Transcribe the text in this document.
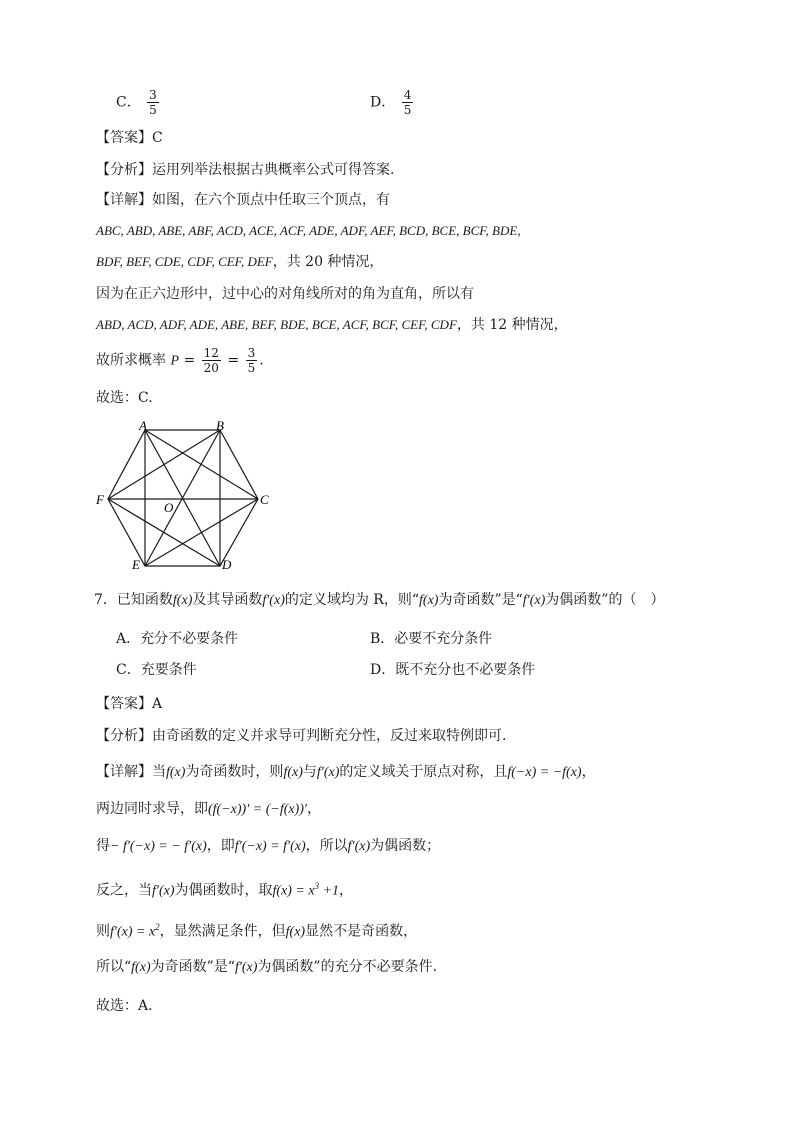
C． $\frac{3}{5}$	D． $\frac{4}{5}$
【答案】C
【分析】运用列举法根据古典概率公式可得答案.
【详解】如图，在六个顶点中任取三个顶点，有
ABC, ABD, ABE, ABF, ACD, ACE, ACF, ADE, ADF, AEF, BCD, BCE, BCF, BDE,
BDF, BEF, CDE, CDF, CEF, DEF，共 20 种情况，
因为在正六边形中，过中心的对角线所对的角为直角，所以有
ABD, ACD, ADF, ADE, ABE, BEF, BDE, BCE, ACF, BCF, CEF, CDF，共 12 种情况，
故所求概率 $P = \frac{12}{20} = \frac{3}{5}$ .
故选：C.
A	B
C
D
E
F
O
7．已知函数f(x)及其导函数f′(x)的定义域均为 R，则“f(x)为奇函数”是“f′(x)为偶函数”的（　）
A．充分不必要条件	B．必要不充分条件
C．充要条件	D．既不充分也不必要条件
【答案】A
【分析】由奇函数的定义并求导可判断充分性，反过来取特例即可.
【详解】当f(x)为奇函数时，则f(x)与f′(x)的定义域关于原点对称，且f(−x) = −f(x)，
两边同时求导，即(f(−x))′ = (−f(x))′，
得− f′(−x) = − f′(x)，即f′(−x) = f′(x)，所以f′(x)为偶函数；
反之，当f′(x)为偶函数时，取$f(x) = x^3 +1$，
则$f'(x) = x^2$，显然满足条件，但f(x)显然不是奇函数，
所以“f(x)为奇函数”是“f′(x)为偶函数”的充分不必要条件.
故选：A.
